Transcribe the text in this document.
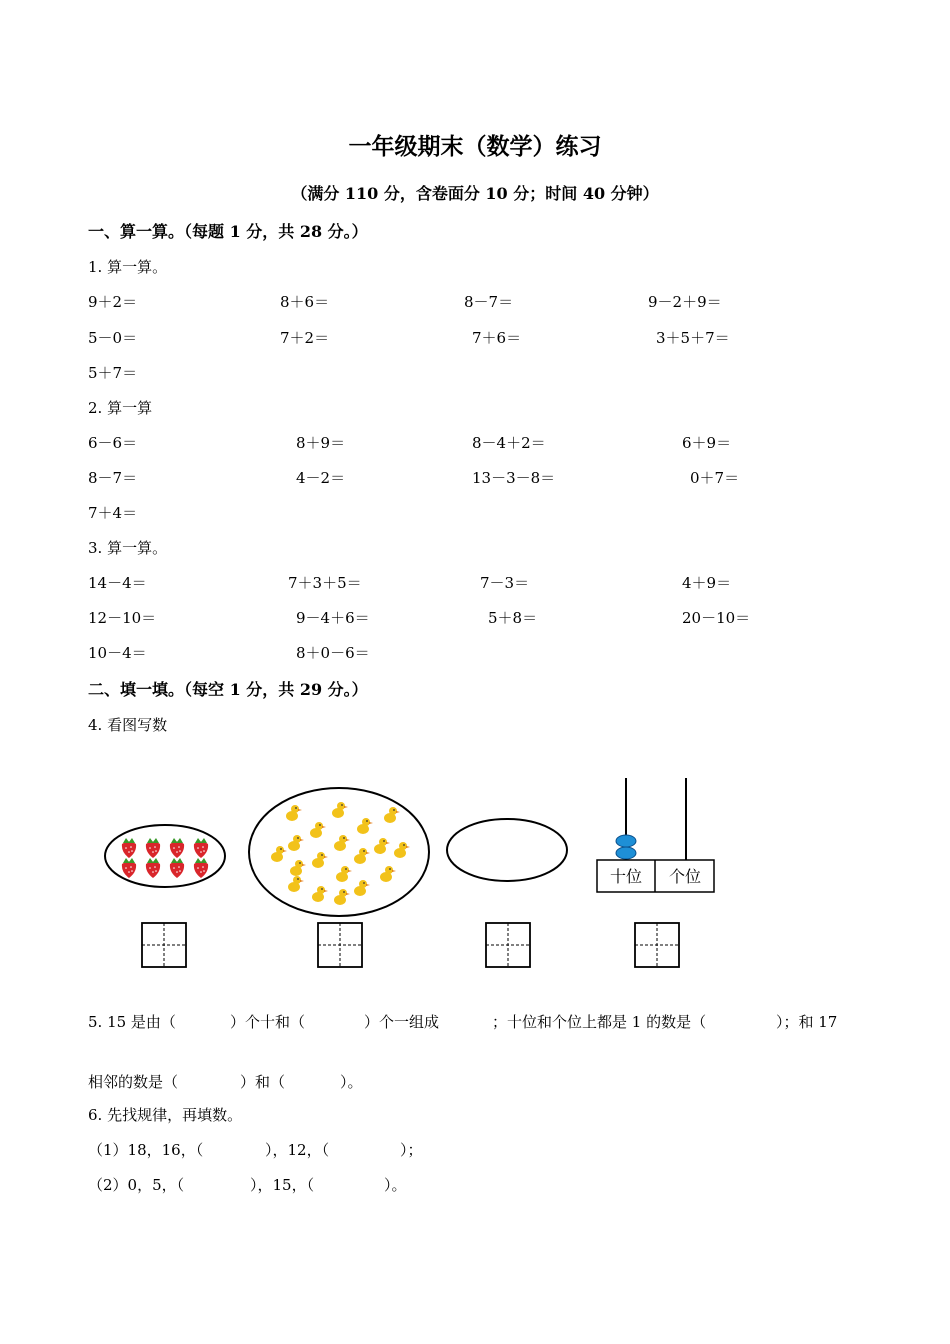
一年级期末（数学）练习
（满分 110 分，含卷面分 10 分；时间 40 分钟）
一、算一算。（每题 1 分，共 28 分。）
1. 算一算。
9＋2＝	8＋6＝	8－7＝	9－2＋9＝
5－0＝	7＋2＝	7＋6＝	3＋5＋7＝
5＋7＝
2. 算一算
6－6＝	8＋9＝	8－4＋2＝	6＋9＝
8－7＝	4－2＝	13－3－8＝	0＋7＝
7＋4＝
3. 算一算。
14－4＝	7＋3＋5＝	7－3＝	4＋9＝
12－10＝	9－4＋6＝	5＋8＝	20－10＝
10－4＝	8＋0－6＝
二、填一填。（每空 1 分，共 29 分。）
4. 看图写数
十位 个位
5. 15 是由（	）个十和（	）个一组成	；十位和个位上都是 1 的数是（	）；和 17
相邻的数是（	）和（	）。
6. 先找规律，再填数。
（1）18，16，（	），12，（	）；
（2）0，5，（	），15，（	）。
